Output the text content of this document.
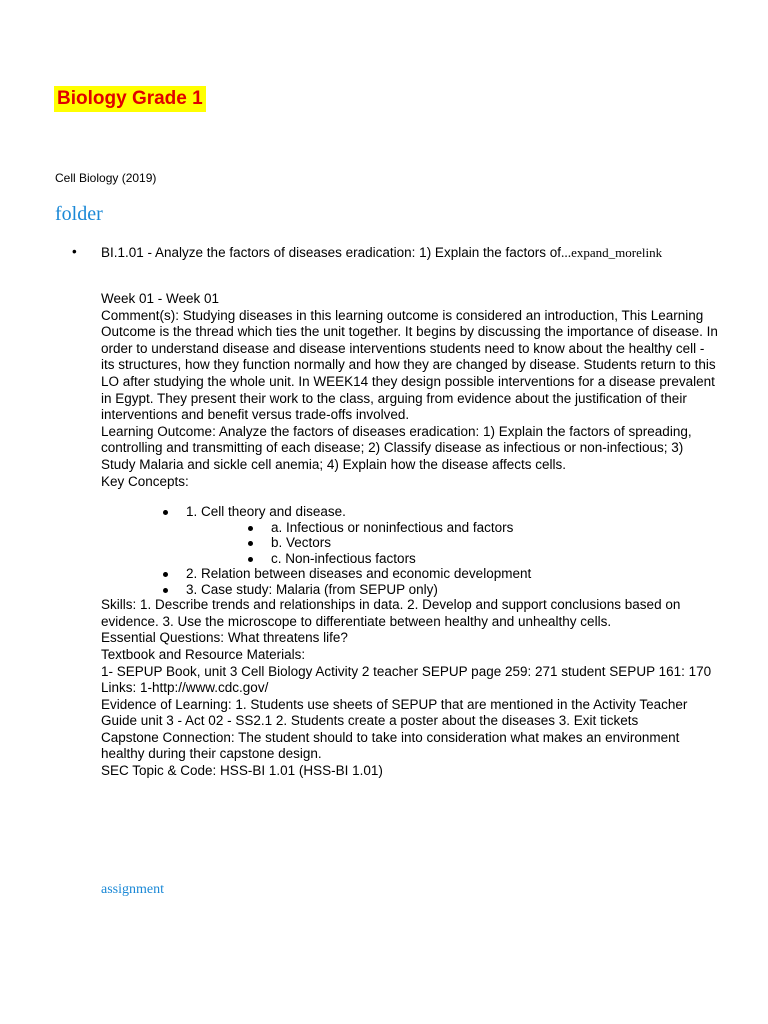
Biology Grade 1
Cell Biology (2019)
folder
• BI.1.01 - Analyze the factors of diseases eradication: 1) Explain the factors of...expand_morelink

Week 01 - Week 01

Comment(s): Studying diseases in this learning outcome is considered an introduction, This Learning Outcome is the thread which ties the unit together. It begins by discussing the importance of disease. In order to understand disease and disease interventions students need to know about the healthy cell - its structures, how they function normally and how they are changed by disease. Students return to this LO after studying the whole unit. In WEEK14 they design possible interventions for a disease prevalent in Egypt. They present their work to the class, arguing from evidence about the justification of their interventions and benefit versus trade-offs involved.

Learning Outcome: Analyze the factors of diseases eradication: 1) Explain the factors of spreading, controlling and transmitting of each disease; 2) Classify disease as infectious or non-infectious; 3) Study Malaria and sickle cell anemia; 4) Explain how the disease affects cells.

Key Concepts:

1. Cell theory and disease.
a. Infectious or noninfectious and factors
b. Vectors
c. Non-infectious factors
2. Relation between diseases and economic development
3. Case study: Malaria (from SEPUP only)

Skills: 1. Describe trends and relationships in data. 2. Develop and support conclusions based on evidence. 3. Use the microscope to differentiate between healthy and unhealthy cells.

Essential Questions: What threatens life?

Textbook and Resource Materials:

1- SEPUP Book, unit 3 Cell Biology Activity 2 teacher SEPUP page 259: 271 student SEPUP 161: 170 Links: 1-http://www.cdc.gov/

Evidence of Learning: 1. Students use sheets of SEPUP that are mentioned in the Activity Teacher Guide unit 3 - Act 02 - SS2.1 2. Students create a poster about the diseases 3. Exit tickets

Capstone Connection: The student should to take into consideration what makes an environment healthy during their capstone design.

SEC Topic & Code: HSS-BI 1.01 (HSS-BI 1.01)

assignment
